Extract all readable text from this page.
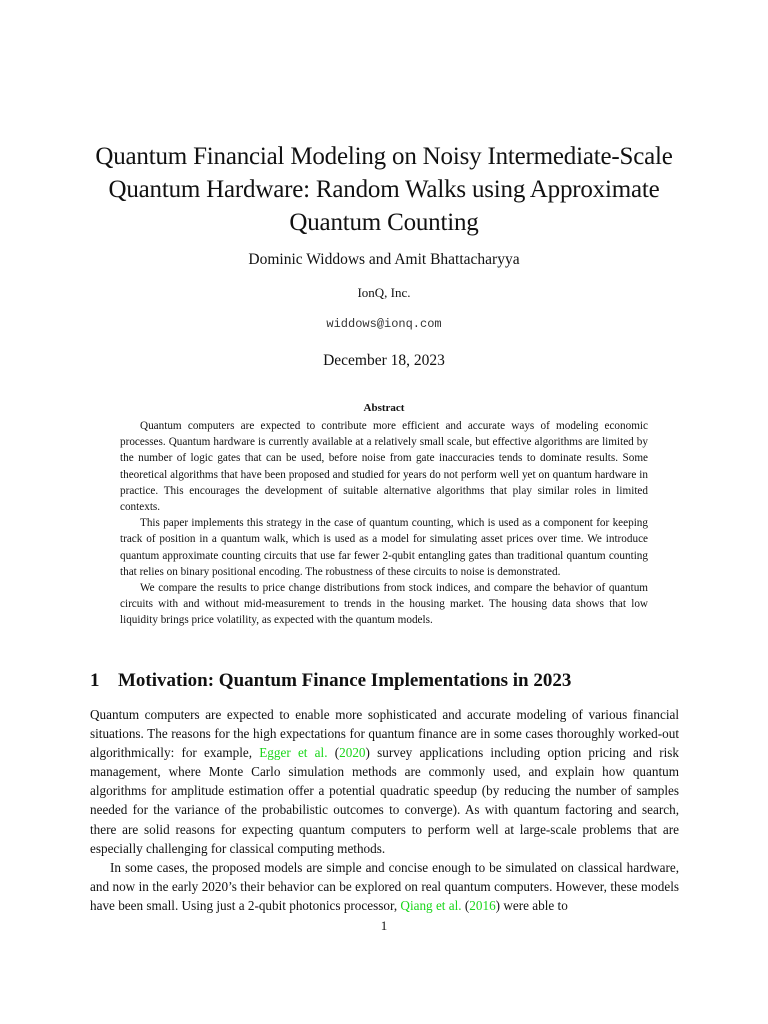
Quantum Financial Modeling on Noisy Intermediate-Scale Quantum Hardware: Random Walks using Approximate Quantum Counting
Dominic Widdows and Amit Bhattacharyya
IonQ, Inc.
widdows@ionq.com
December 18, 2023
Abstract

Quantum computers are expected to contribute more efficient and accurate ways of modeling economic processes. Quantum hardware is currently available at a relatively small scale, but effective algorithms are limited by the number of logic gates that can be used, before noise from gate inaccuracies tends to dominate results. Some theoretical algorithms that have been proposed and studied for years do not perform well yet on quantum hardware in practice. This encourages the development of suitable alternative algorithms that play similar roles in limited contexts.

This paper implements this strategy in the case of quantum counting, which is used as a component for keeping track of position in a quantum walk, which is used as a model for simulating asset prices over time. We introduce quantum approximate counting circuits that use far fewer 2-qubit entangling gates than traditional quantum counting that relies on binary positional encoding. The robustness of these circuits to noise is demonstrated.

We compare the results to price change distributions from stock indices, and compare the behavior of quantum circuits with and without mid-measurement to trends in the housing market. The housing data shows that low liquidity brings price volatility, as expected with the quantum models.

1 Motivation: Quantum Finance Implementations in 2023

Quantum computers are expected to enable more sophisticated and accurate modeling of various financial situations. The reasons for the high expectations for quantum finance are in some cases thoroughly worked-out algorithmically: for example, Egger et al. (2020) survey applications including option pricing and risk management, where Monte Carlo simulation methods are commonly used, and explain how quantum algorithms for amplitude estimation offer a potential quadratic speedup (by reducing the number of samples needed for the variance of the probabilistic outcomes to converge). As with quantum factoring and search, there are solid reasons for expecting quantum computers to perform well at large-scale problems that are especially challenging for classical computing methods.

In some cases, the proposed models are simple and concise enough to be simulated on classical hardware, and now in the early 2020’s their behavior can be explored on real quantum computers. However, these models have been small. Using just a 2-qubit photonics processor, Qiang et al. (2016) were able to

1
